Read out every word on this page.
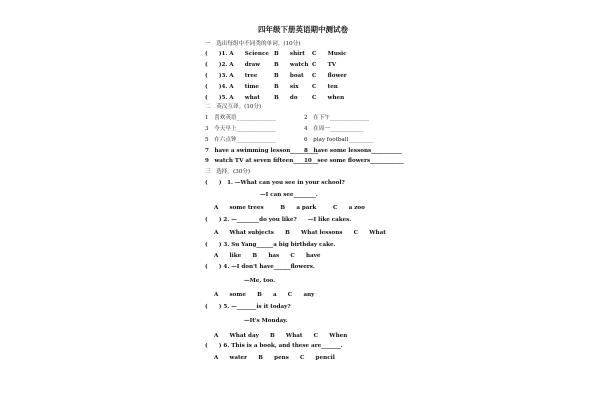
四年级下册英语期中测试卷
一　选出每组中不同类的单词。(10分)
(　　)1. A　　Science B　　shirt C　　Music
(　　)2. A　　draw B　　watch C　　TV
(　　)3. A　　tree	B　　boat C　　flower
(　　)4. A　　time	B　　six C　　ten
(　　)5. A　　what	B　　do	C　　when
二　英汉互译。(10分)
1　喜欢英语______________	2　在下午______________
3　今天早上______________	4　在周一____________
5　在六点钟______________	6　play football_________
7　have a swimming lesson__________
8　have some lessons___________
9　watch TV at seven fifteen_________
10　see some flowers____________
三　选择。(30分)
(　　)　1. —What can you see in your school?
—I can see________.
A　　some trees　　　B　　a park　　　C　　a zoo
(　　) 2. —________do you like?　　—I like cakes.
A　　What subjects　　B　　What lessons　　C　　What
(　　) 3. Su Yang______a big birthday cake.
A　　like　　B　　has　　C　　have
(　　) 4. —I don't have______flowers.
—Me, too.
A　　some　　B　　a　　C　　any
(　　) 5. —_______is it today?
—It's Monday.
A　　What day　　B　　What　　C　　When
(　　) 6. This is a book, and these are_______.
A　　water　　B　　pens　　C　　pencil
